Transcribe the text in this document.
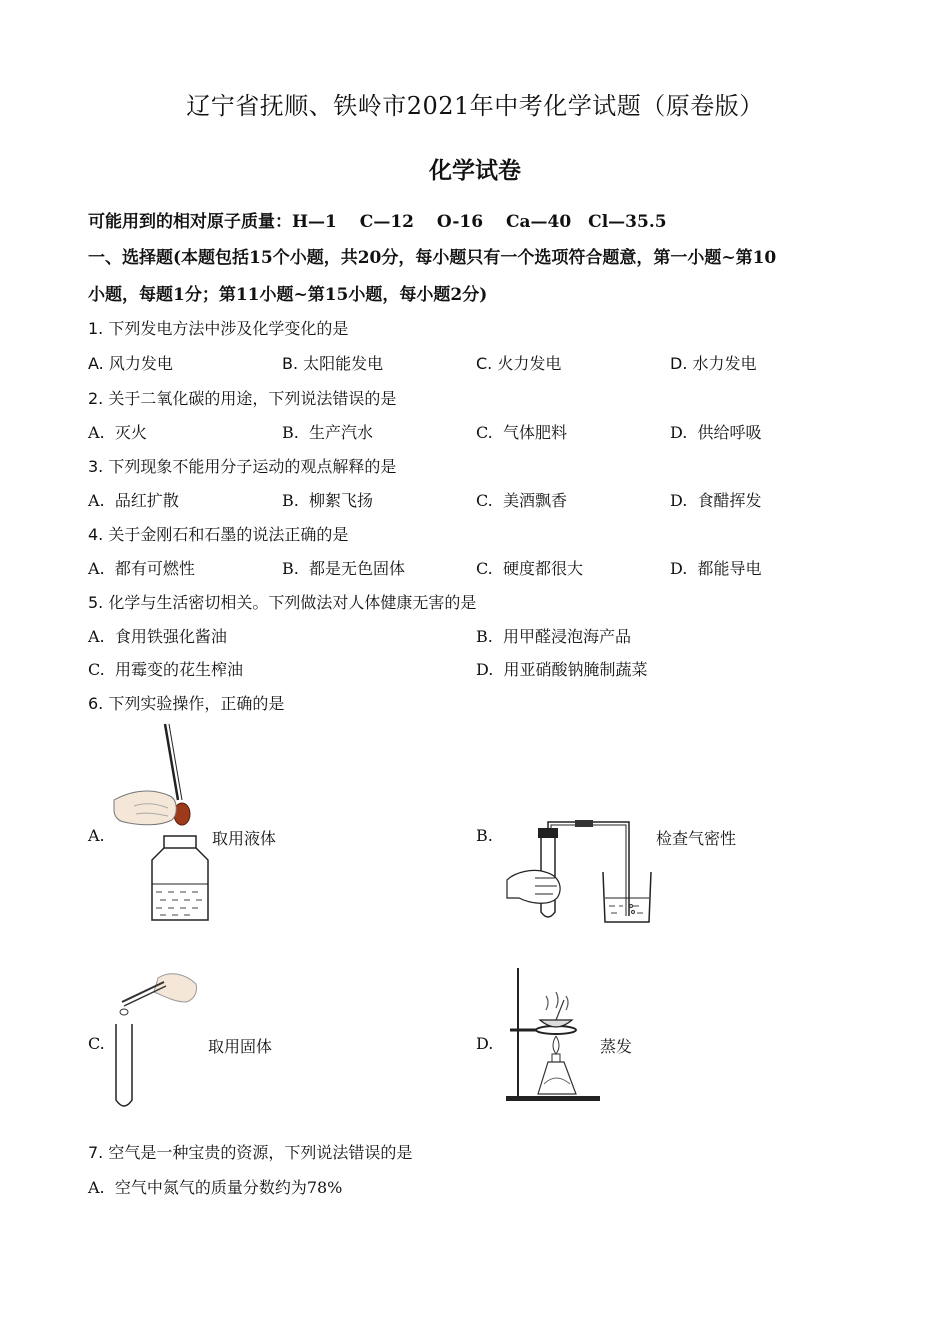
辽宁省抚顺、铁岭市2021年中考化学试题（原卷版）
化学试卷
可能用到的相对原子质量：H—1　 C—12　 O-16　 Ca—40　Cl—35.5
一、选择题(本题包括15个小题，共20分，每小题只有一个选项符合题意，第一小题~第10
小题，每题1分；第11小题~第15小题，每小题2分)
1. 下列发电方法中涉及化学变化的是
A. 风力发电	B. 太阳能发电	C. 火力发电	D. 水力发电
2. 关于二氧化碳的用途，下列说法错误的是
A. 灭火	B. 生产汽水	C. 气体肥料	D. 供给呼吸
3. 下列现象不能用分子运动的观点解释的是
A. 品红扩散	B. 柳絮飞扬	C. 美酒飘香	D. 食醋挥发
4. 关于金刚石和石墨的说法正确的是
A. 都有可燃性	B. 都是无色固体	C. 硬度都很大	D. 都能导电
5. 化学与生活密切相关。下列做法对人体健康无害的是
A. 食用铁强化酱油	B. 用甲醛浸泡海产品
C. 用霉变的花生榨油	D. 用亚硝酸钠腌制蔬菜
6. 下列实验操作，正确的是
A.	取用液体	B.	检查气密性
C.	取用固体	D.	蒸发
7. 空气是一种宝贵的资源，下列说法错误的是
A. 空气中氮气的质量分数约为78%
